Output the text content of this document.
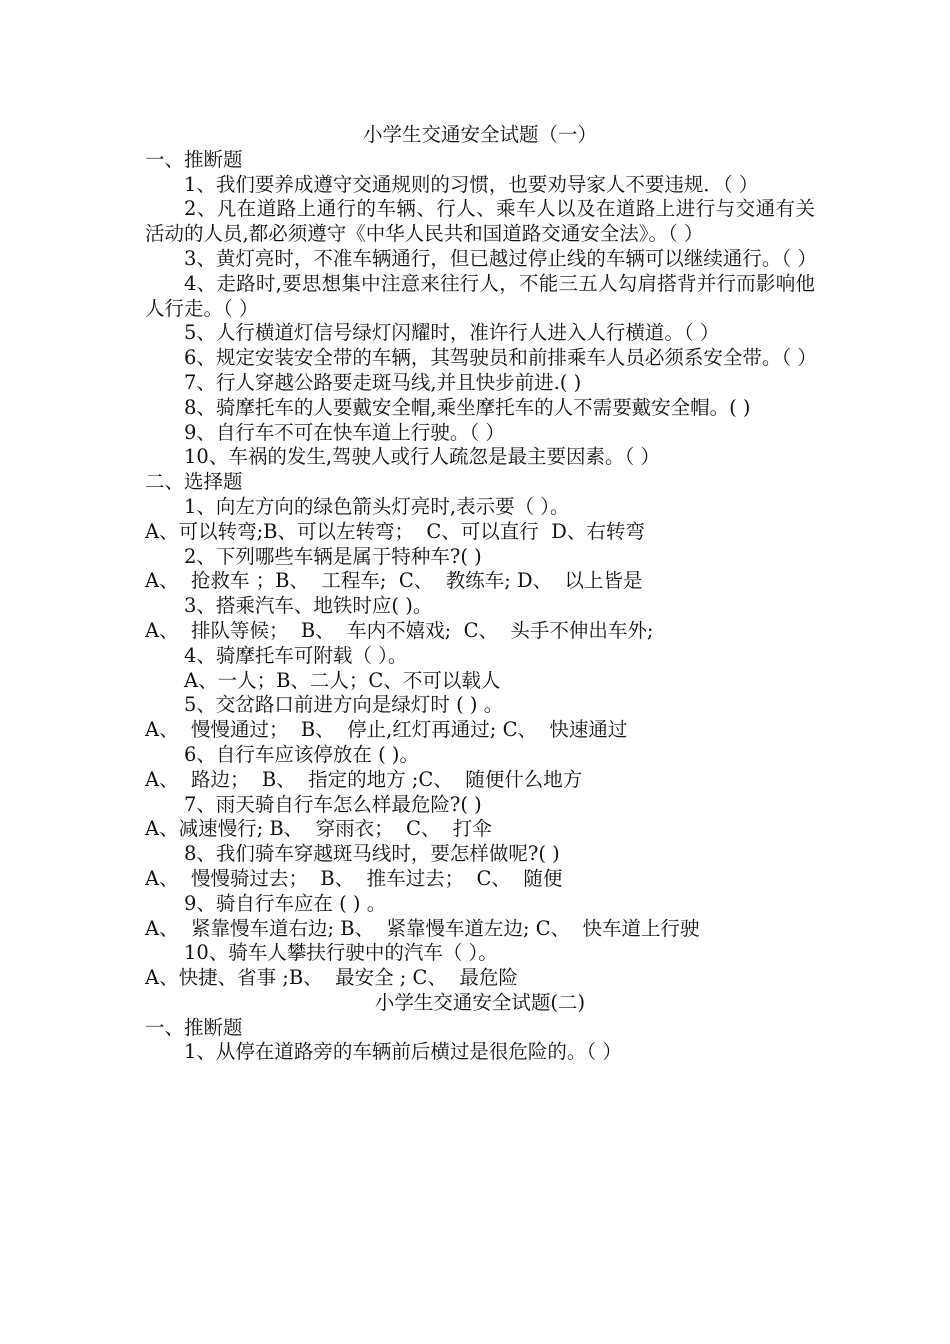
小学生交通安全试题（一）
一、推断题

1、我们要养成遵守交通规则的习惯，也要劝导家人不要违规．（ ）

2、凡在道路上通行的车辆、行人、乘车人以及在道路上进行与交通有关活动的人员,都必须遵守《中华人民共和国道路交通安全法》。（ ）

3、黄灯亮时，不准车辆通行，但已越过停止线的车辆可以继续通行。（ ）

4、走路时,要思想集中注意来往行人，不能三五人勾肩搭背并行而影响他人行走。（ ）

5、人行横道灯信号绿灯闪耀时，准许行人进入人行横道。（ ）

6、规定安装安全带的车辆，其驾驶员和前排乘车人员必须系安全带。（ ）

7、行人穿越公路要走斑马线,并且快步前进.( )

8、骑摩托车的人要戴安全帽,乘坐摩托车的人不需要戴安全帽。( )

9、自行车不可在快车道上行驶。（ ）

10、车祸的发生,驾驶人或行人疏忽是最主要因素。（ ）

二、选择题

1、向左方向的绿色箭头灯亮时,表示要（ ）。

A、可以转弯;B、可以左转弯；  C、可以直行  D、右转弯

2、下列哪些车辆是属于特种车?( )

A、  抢救车 ；B、  工程车;  C、  教练车; D、  以上皆是

3、搭乘汽车、地铁时应( )。

A、  排队等候；  B、  车内不嬉戏;  C、  头手不伸出车外;

4、骑摩托车可附载（ ）。

A、一人；B、二人；C、不可以载人

5、交岔路口前进方向是绿灯时 ( ) 。

A、  慢慢通过；  B、  停止,红灯再通过; C、  快速通过

6、自行车应该停放在 ( )。

A、  路边；  B、  指定的地方 ;C、  随便什么地方

7、雨天骑自行车怎么样最危险?( )

A、减速慢行; B、  穿雨衣；  C、  打伞

8、我们骑车穿越斑马线时，要怎样做呢?( )

A、  慢慢骑过去；  B、  推车过去；  C、  随便

9、骑自行车应在 ( ) 。

A、  紧靠慢车道右边; B、  紧靠慢车道左边; C、  快车道上行驶

10、骑车人攀扶行驶中的汽车（ ）。

A、快捷、省事 ;B、  最安全 ; C、  最危险

小学生交通安全试题(二)
一、推断题

1、从停在道路旁的车辆前后横过是很危险的。（ ）
